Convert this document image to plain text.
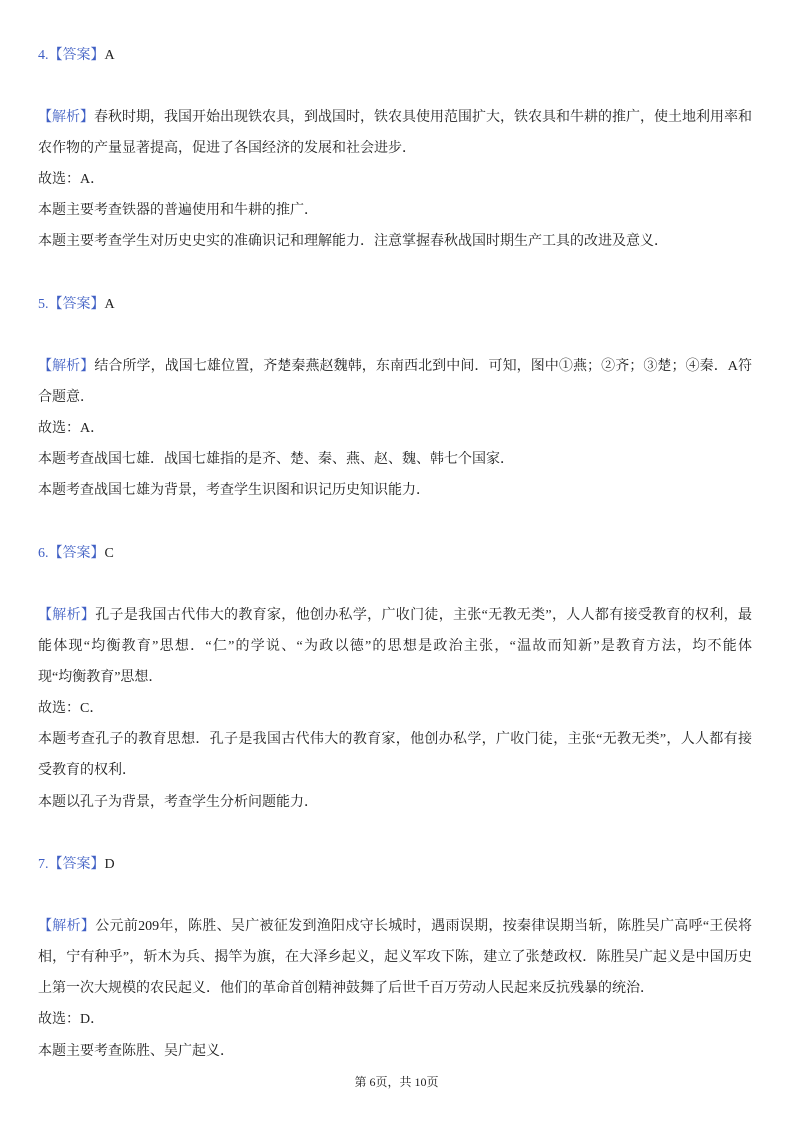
4.【答案】A
【解析】春秋时期，我国开始出现铁农具，到战国时，铁农具使用范围扩大，铁农具和牛耕的推广，使土地利用率和
农作物的产量显著提高，促进了各国经济的发展和社会进步．
故选：A．
本题主要考查铁器的普遍使用和牛耕的推广．
本题主要考查学生对历史史实的准确识记和理解能力．注意掌握春秋战国时期生产工具的改进及意义．
5.【答案】A
【解析】结合所学，战国七雄位置，齐楚秦燕赵魏韩，东南西北到中间．可知，图中①燕；②齐；③楚；④秦．A符
合题意．
故选：A．
本题考查战国七雄．战国七雄指的是齐、楚、秦、燕、赵、魏、韩七个国家．
本题考查战国七雄为背景，考查学生识图和识记历史知识能力．
6.【答案】C
【解析】孔子是我国古代伟大的教育家，他创办私学，广收门徒，主张“无教无类”，人人都有接受教育的权利，最
能体现“均衡教育”思想．“仁”的学说、“为政以德”的思想是政治主张，“温故而知新”是教育方法，均不能体
现“均衡教育”思想．
故选：C．
本题考查孔子的教育思想．孔子是我国古代伟大的教育家，他创办私学，广收门徒，主张“无教无类”，人人都有接
受教育的权利．
本题以孔子为背景，考查学生分析问题能力．
7.【答案】D
【解析】公元前209年，陈胜、吴广被征发到渔阳戍守长城时，遇雨误期，按秦律误期当斩，陈胜吴广高呼“王侯将
相，宁有种乎”，斩木为兵、揭竿为旗，在大泽乡起义，起义军攻下陈，建立了张楚政权．陈胜吴广起义是中国历史
上第一次大规模的农民起义．他们的革命首创精神鼓舞了后世千百万劳动人民起来反抗残暴的统治．
故选：D．
本题主要考查陈胜、吴广起义．
第 6页，共 10页
